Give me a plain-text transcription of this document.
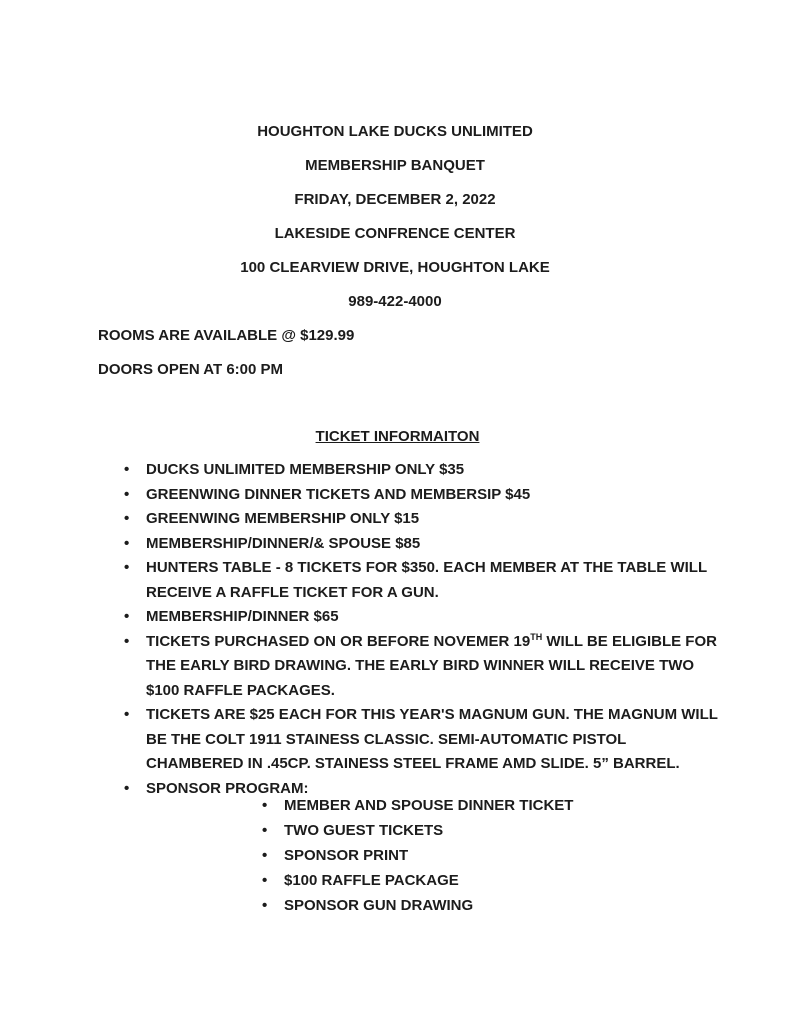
HOUGHTON LAKE DUCKS UNLIMITED

MEMBERSHIP BANQUET

FRIDAY, DECEMBER 2, 2022

LAKESIDE CONFRENCE CENTER

100 CLEARVIEW DRIVE, HOUGHTON LAKE

989-422-4000

ROOMS ARE AVAILABLE @ $129.99

DOORS OPEN AT 6:00 PM

TICKET INFORMAITON

• DUCKS UNLIMITED MEMBERSHIP ONLY $35
• GREENWING DINNER TICKETS AND MEMBERSIP $45
• GREENWING MEMBERSHIP ONLY $15
• MEMBERSHIP/DINNER/& SPOUSE $85
• HUNTERS TABLE - 8 TICKETS FOR $350. EACH MEMBER AT THE TABLE WILL RECEIVE A RAFFLE TICKET FOR A GUN.
• MEMBERSHIP/DINNER $65
• TICKETS PURCHASED ON OR BEFORE NOVEMER 19TH WILL BE ELIGIBLE FOR THE EARLY BIRD DRAWING. THE EARLY BIRD WINNER WILL RECEIVE TWO $100 RAFFLE PACKAGES.
• TICKETS ARE $25 EACH FOR THIS YEAR'S MAGNUM GUN. THE MAGNUM WILL BE THE COLT 1911 STAINESS CLASSIC. SEMI-AUTOMATIC PISTOL CHAMBERED IN .45CP. STAINESS STEEL FRAME AMD SLIDE. 5” BARREL.
• SPONSOR PROGRAM:
• MEMBER AND SPOUSE DINNER TICKET
• TWO GUEST TICKETS
• SPONSOR PRINT
• $100 RAFFLE PACKAGE
• SPONSOR GUN DRAWING
